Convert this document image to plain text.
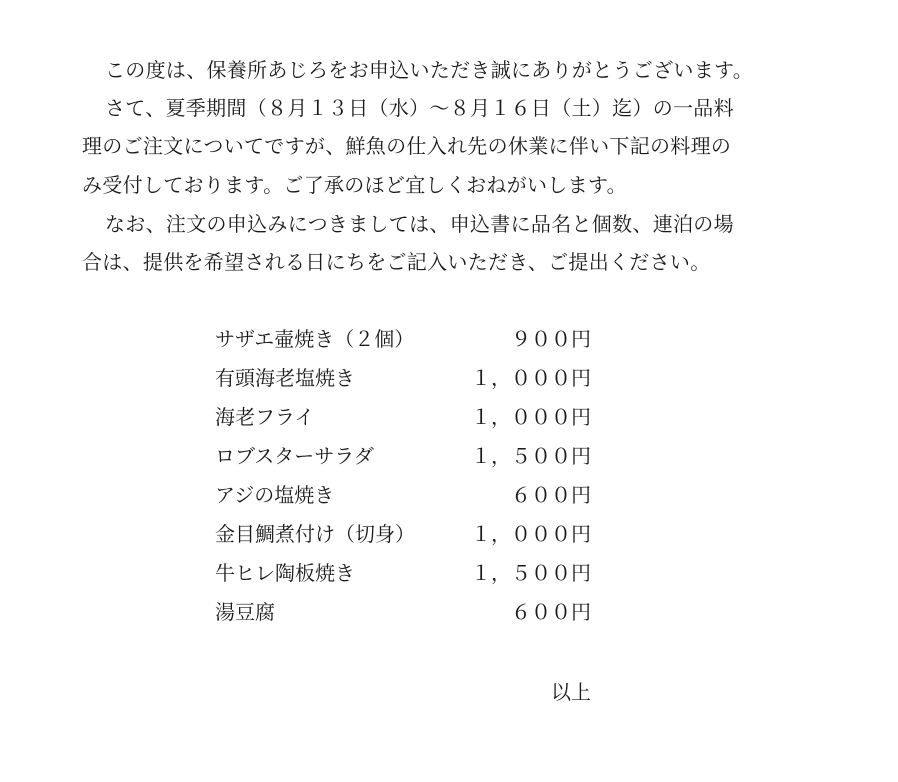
この度は、保養所あじろをお申込いただき誠にありがとうございます。
さて、夏季期間（８月１３日（水）～８月１６日（土）迄）の一品料
理のご注文についてですが、鮮魚の仕入れ先の休業に伴い下記の料理の
み受付しております。ご了承のほど宜しくおねがいします。
なお、注文の申込みにつきましては、申込書に品名と個数、連泊の場
合は、提供を希望される日にちをご記入いただき、ご提出ください。
サザエ壷焼き（２個）	９００円
有頭海老塩焼き	１，０００円
海老フライ	１，０００円
ロブスターサラダ	１，５００円
アジの塩焼き	６００円
金目鯛煮付け（切身）	１，０００円
牛ヒレ陶板焼き	１，５００円
湯豆腐	６００円
以上
